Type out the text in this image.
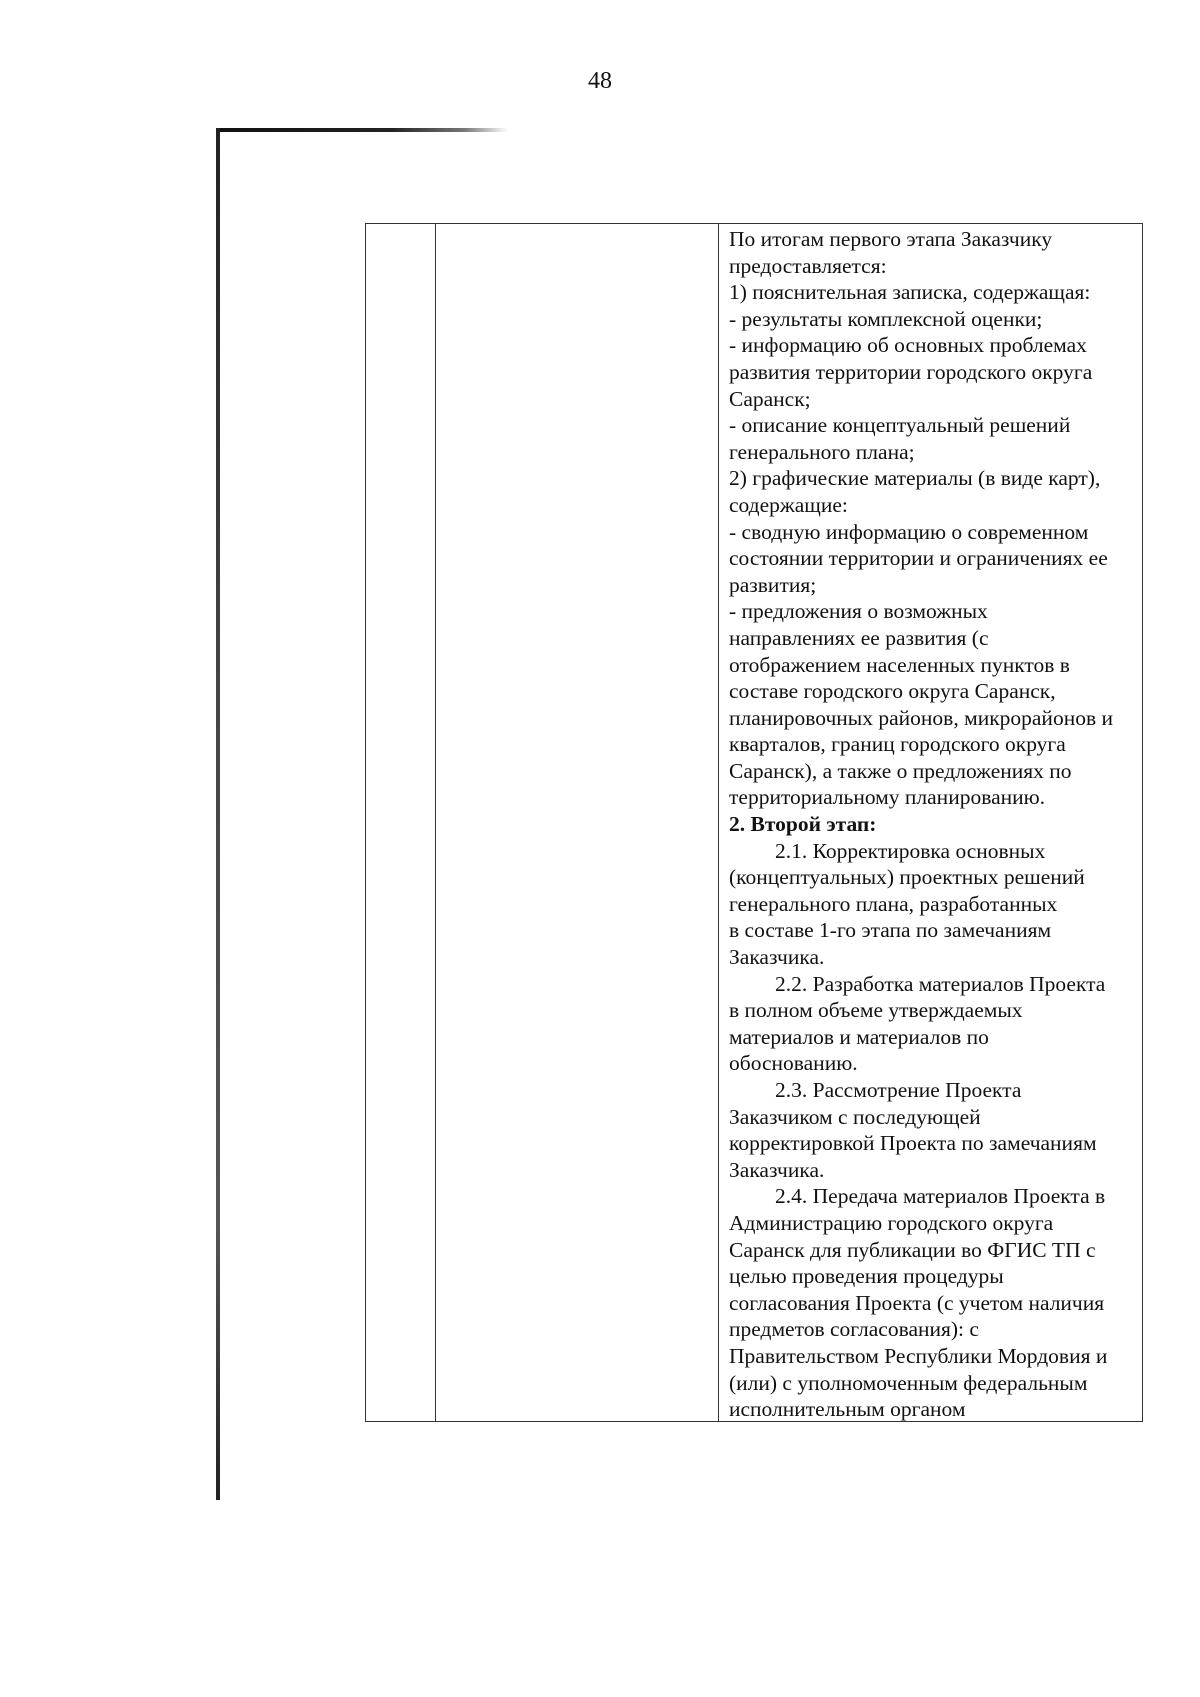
48

По итогам первого этапа Заказчику
предоставляется:
1) пояснительная записка, содержащая:
- результаты комплексной оценки;
- информацию об основных проблемах
развития территории городского округа
Саранск;
- описание концептуальный решений
генерального плана;
2) графические материалы (в виде карт),
содержащие:
- сводную информацию о современном
состоянии территории и ограничениях ее
развития;
- предложения о возможных
направлениях ее развития (с
отображением населенных пунктов в
составе городского округа Саранск,
планировочных районов, микрорайонов и
кварталов, границ городского округа
Саранск), а также о предложениях по
территориальному планированию.
2. Второй этап:
2.1. Корректировка основных
(концептуальных) проектных решений
генерального плана, разработанных
в составе 1-го этапа по замечаниям
Заказчика.
2.2. Разработка материалов Проекта
в полном объеме утверждаемых
материалов и материалов по
обоснованию.
2.3. Рассмотрение Проекта
Заказчиком с последующей
корректировкой Проекта по замечаниям
Заказчика.
2.4. Передача материалов Проекта в
Администрацию городского округа
Саранск для публикации во ФГИС ТП с
целью проведения процедуры
согласования Проекта (с учетом наличия
предметов согласования): с
Правительством Республики Мордовия и
(или) с уполномоченным федеральным
исполнительным органом
